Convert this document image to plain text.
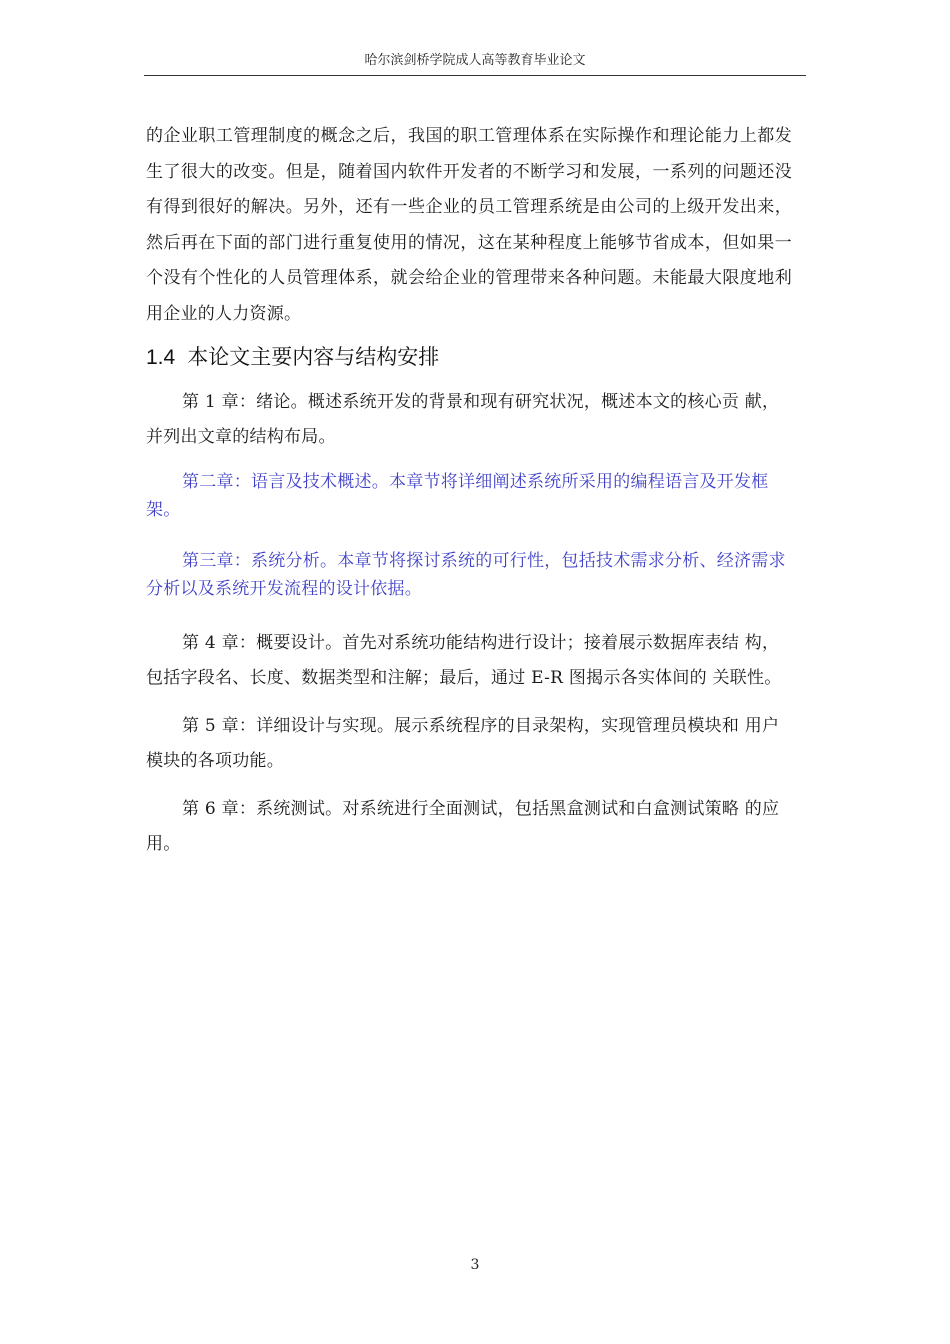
哈尔滨剑桥学院成人高等教育毕业论文

的企业职工管理制度的概念之后，我国的职工管理体系在实际操作和理论能力上都发生了很大的改变。但是，随着国内软件开发者的不断学习和发展，一系列的问题还没有得到很好的解决。另外，还有一些企业的员工管理系统是由公司的上级开发出来，然后再在下面的部门进行重复使用的情况，这在某种程度上能够节省成本，但如果一个没有个性化的人员管理体系，就会给企业的管理带来各种问题。未能最大限度地利用企业的人力资源。

1.4 本论文主要内容与结构安排

第 1 章：绪论。概述系统开发的背景和现有研究状况，概述本文的核心贡 献，并列出文章的结构布局。

第二章：语言及技术概述。本章节将详细阐述系统所采用的编程语言及开发框架。

第三章：系统分析。本章节将探讨系统的可行性，包括技术需求分析、经济需求分析以及系统开发流程的设计依据。

第 4 章：概要设计。首先对系统功能结构进行设计；接着展示数据库表结 构，包括字段名、长度、数据类型和注解；最后，通过 E-R 图揭示各实体间的 关联性。

第 5 章：详细设计与实现。展示系统程序的目录架构，实现管理员模块和 用户模块的各项功能。

第 6 章：系统测试。对系统进行全面测试，包括黑盒测试和白盒测试策略 的应用。

3
